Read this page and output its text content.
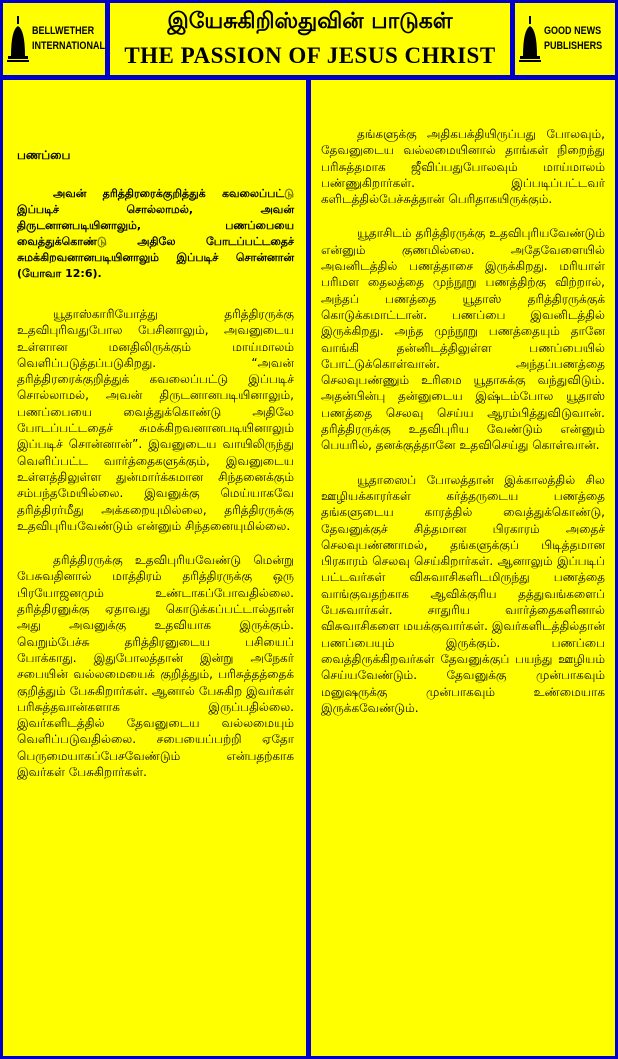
BELLWETHER
INTERNATIONAL
இயேசுகிறிஸ்துவின் பாடுகள்
THE PASSION OF JESUS CHRIST
GOOD NEWS
PUBLISHERS
பணப்பை

அவன் தரித்திரரைக்குறித்துக் கவலைப்பட்டு இப்படிச் சொல்லாமல், அவன் திருடனானபடியினாலும், பணப்பையை வைத்துக்கொண்டு அதிலே போடப்பட்டதைச் சுமக்கிறவனானபடியினாலும் இப்படிச் சொன்னான் (யோவா 12:6).

யூதாஸ்காரியோத்து தரித்திரருக்கு உதவிபுரிவதுபோல பேசினாலும், அவனுடைய உள்ளான மனதிலிருக்கும் மாய்மாலம் வெளிப்படுத்தப்படுகிறது. “அவன் தரித்திரரைக்குறித்துக் கவலைப்பட்டு இப்படிச் சொல்லாமல், அவன் திருடனானபடியினாலும், பணப்பையை வைத்துக்கொண்டு அதிலே போடப்பட்டதைச் சுமக்கிறவனானபடியினாலும் இப்படிச் சொன்னான்”. இவனுடைய வாயிலிருந்து வெளிப்பட்ட வார்த்தைகளுக்கும், இவனுடைய உள்ளத்திலுள்ள துன்மார்க்கமான சிந்தனைக்கும் சம்பந்தமேயில்லை. இவனுக்கு மெய்யாகவே தரித்திரர்மீது அக்கறையுமில்லை, தரித்திரருக்கு உதவிபுரியவேண்டும் என்னும் சிந்தனையுமில்லை.

தரித்திரருக்கு உதவிபுரியவேண்டு மென்று பேசுவதினால் மாத்திரம் தரித்திரருக்கு ஒரு பிரயோஜனமும் உண்டாகப்போவதில்லை. தரித்திரனுக்கு ஏதாவது கொடுக்கப்பட்டால்தான் அது அவனுக்கு உதவியாக இருக்கும். வெறும்பேச்சு தரித்திரனுடைய பசியைப் போக்காது. இதுபோலத்தான் இன்று அநேகர் சபையின் வல்லமையைக் குறித்தும், பரிசுத்தத்தைக் குறித்தும் பேசுகிறார்கள். ஆனால் பேசுகிற இவர்கள் பரிசுத்தவான்களாக இருப்பதில்லை. இவர்களிடத்தில் தேவனுடைய வல்லமையும் வெளிப்படுவதில்லை. சபையைப்பற்றி ஏதோ பெருமையாகப்பேசவேண்டும் என்பதற்காக இவர்கள் பேசுகிறார்கள்.

தங்களுக்கு அதிகபக்தியிருப்பது போலவும், தேவனுடைய வல்லமையினால் தாங்கள் நிறைந்து பரிசுத்தமாக ஜீவிப்பதுபோலவும் மாய்மாலம் பண்ணுகிறார்கள். இப்படிப்பட்டவர் களிடத்தில்பேச்சுத்தான் பெரிதாகயிருக்கும்.

யூதாசிடம் தரித்திரருக்கு உதவிபுரியவேண்டும் என்னும் குணமில்லை. அதேவேளையில் அவனிடத்தில் பணத்தாசை இருக்கிறது. மரியாள் பரிமள தைலத்தை முந்நூறு பணத்திற்கு விற்றால், அந்தப் பணத்தை யூதாஸ் தரித்திரருக்குக் கொடுக்கமாட்டான். பணப்பை இவனிடத்தில் இருக்கிறது. அந்த முந்நூறு பணத்தையும் தானே வாங்கி தன்னிடத்திலுள்ள பணப்பையில் போட்டுக்கொள்வான். அந்தப்பணத்தை செலவுபண்ணும் உரிமை யூதாசுக்கு வந்துவிடும். அதன்பின்பு தன்னுடைய இஷ்டம்போல யூதாஸ் பணத்தை செலவு செய்ய ஆரம்பித்துவிடுவான். தரித்திரருக்கு உதவிபுரிய வேண்டும் என்னும் பெயரில், தனக்குத்தானே உதவிசெய்து கொள்வான்.

யூதாஸைப் போலத்தான் இக்காலத்தில் சில ஊழியக்காரர்கள் கர்த்தருடைய பணத்தை தங்களுடைய காரத்தில் வைத்துக்கொண்டு, தேவனுக்குச் சித்தமான பிரகாரம் அதைச் செலவுபண்ணாமல், தங்களுக்குப் பிடித்தமான பிரகாரம் செலவு செய்கிறார்கள். ஆனாலும் இப்படிப் பட்டவர்கள் விசுவாசிகளிடமிருந்து பணத்தை வாங்குவதற்காக ஆவிக்குரிய தத்துவங்களைப் பேசுவார்கள். சாதுரிய வார்த்தைகளினால் விசுவாசிகளை மயக்குவார்கள். இவர்களிடத்தில்தான் பணப்பையும் இருக்கும். பணப்பை வைத்திருக்கிறவர்கள் தேவனுக்குப் பயந்து ஊழியம் செய்யவேண்டும். தேவனுக்கு முன்பாகவும் மனுஷருக்கு முன்பாகவும் உண்மையாக இருக்கவேண்டும்.
